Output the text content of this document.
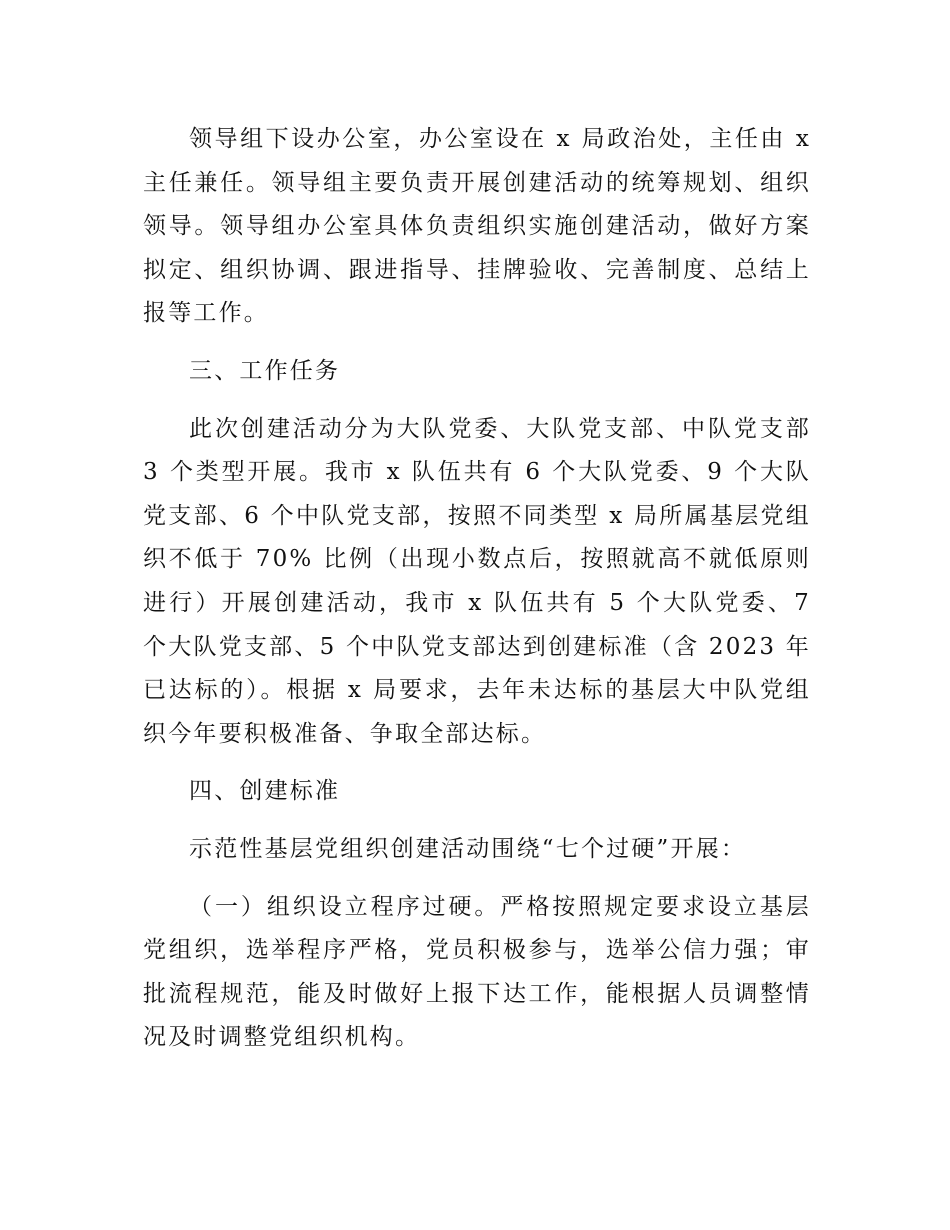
领导组下设办公室，办公室设在 x 局政治处，主任由 x 主任兼任。领导组主要负责开展创建活动的统筹规划、组织领导。领导组办公室具体负责组织实施创建活动，做好方案拟定、组织协调、跟进指导、挂牌验收、完善制度、总结上报等工作。

三、工作任务

此次创建活动分为大队党委、大队党支部、中队党支部 3 个类型开展。我市 x 队伍共有 6 个大队党委、9 个大队党支部、6 个中队党支部，按照不同类型 x 局所属基层党组织不低于 70% 比例（出现小数点后，按照就高不就低原则进行）开展创建活动，我市 x 队伍共有 5 个大队党委、7 个大队党支部、5 个中队党支部达到创建标准（含 2023 年已达标的）。根据 x 局要求，去年未达标的基层大中队党组织今年要积极准备、争取全部达标。

四、创建标准

示范性基层党组织创建活动围绕“七个过硬”开展：

（一）组织设立程序过硬。严格按照规定要求设立基层党组织，选举程序严格，党员积极参与，选举公信力强；审批流程规范，能及时做好上报下达工作，能根据人员调整情况及时调整党组织机构。
